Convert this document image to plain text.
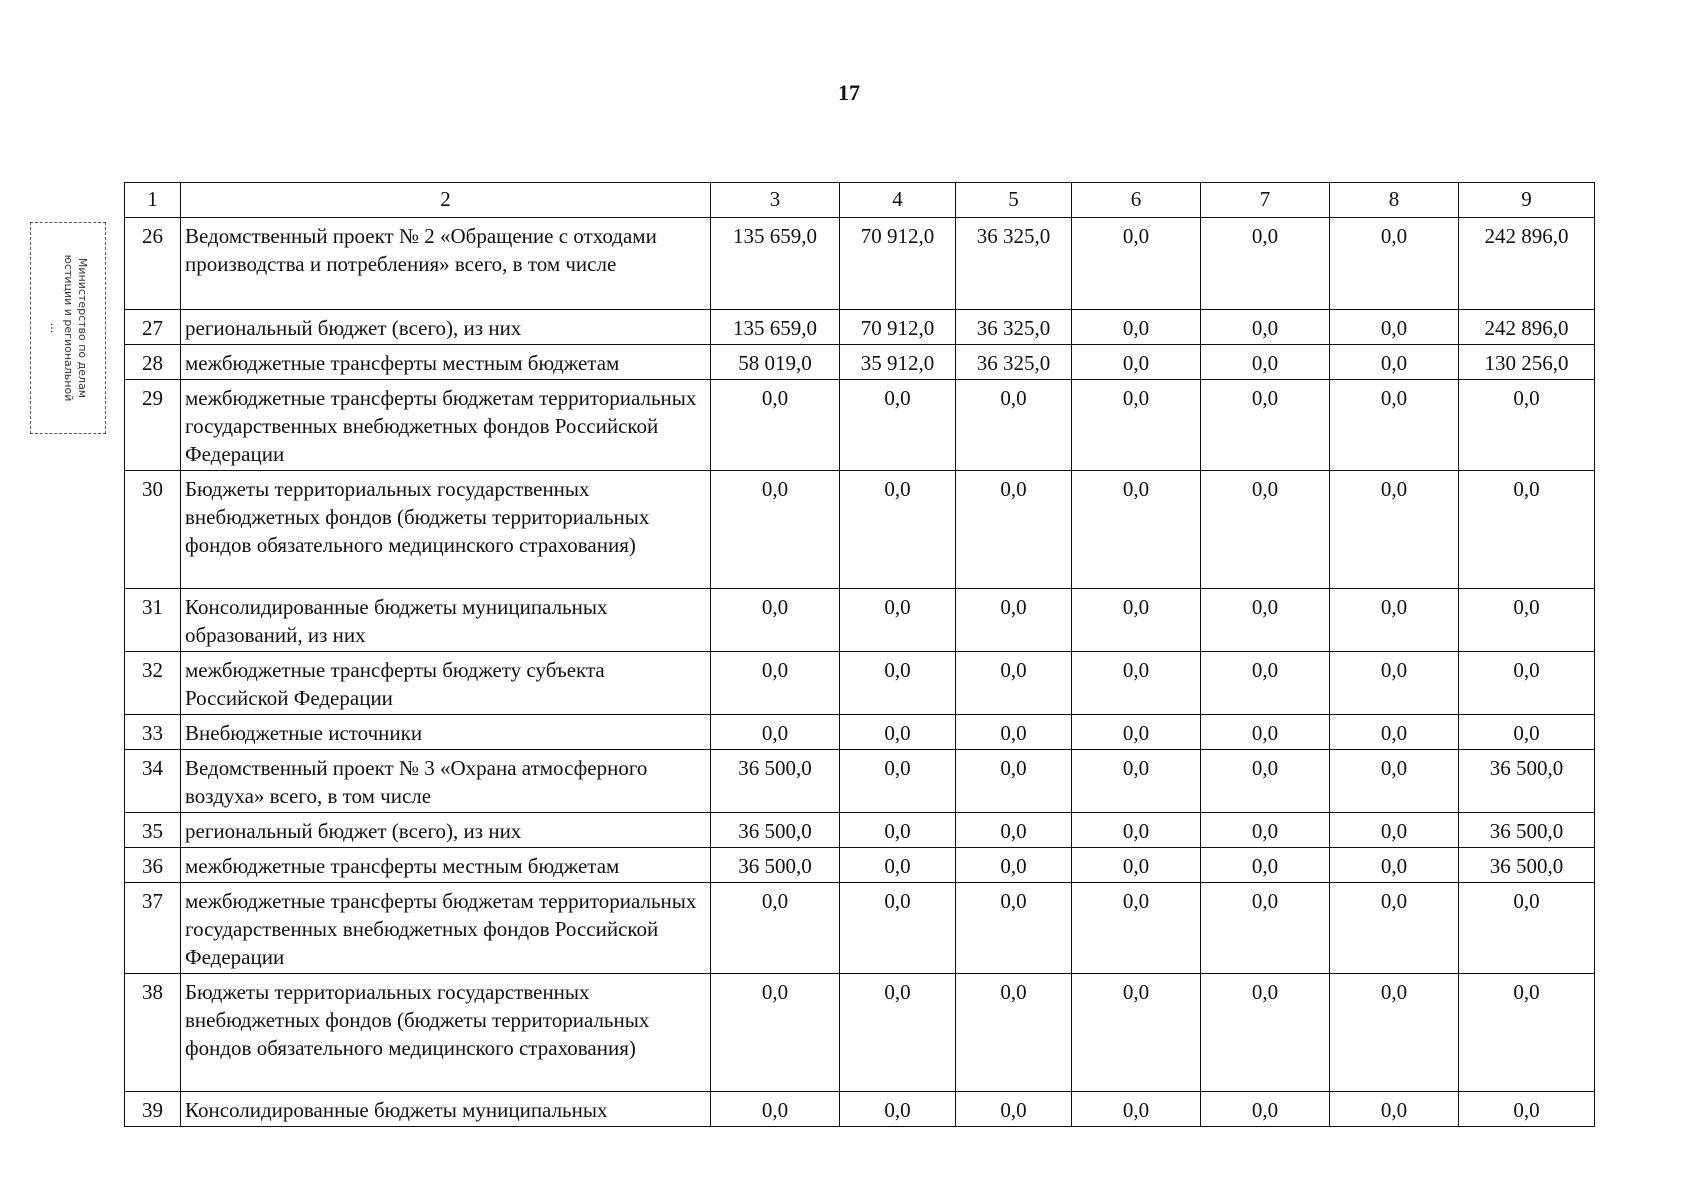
17
Министерство по делам
юстиции и региональной
...
1	2	3	4	5	6	7	8	9
26	Ведомственный проект № 2 «Обращение с отходами производства и потребления» всего, в том числе	135 659,0	70 912,0	36 325,0	0,0	0,0	0,0	242 896,0
27	региональный бюджет (всего), из них	135 659,0	70 912,0	36 325,0	0,0	0,0	0,0	242 896,0
28	межбюджетные трансферты местным бюджетам	58 019,0	35 912,0	36 325,0	0,0	0,0	0,0	130 256,0
29	межбюджетные трансферты бюджетам территориальных государственных внебюджетных фондов Российской Федерации	0,0	0,0	0,0	0,0	0,0	0,0	0,0
30	Бюджеты территориальных государственных внебюджетных фондов (бюджеты территориальных фондов обязательного медицинского страхования)	0,0	0,0	0,0	0,0	0,0	0,0	0,0
31	Консолидированные бюджеты муниципальных образований, из них	0,0	0,0	0,0	0,0	0,0	0,0	0,0
32	межбюджетные трансферты бюджету субъекта Российской Федерации	0,0	0,0	0,0	0,0	0,0	0,0	0,0
33	Внебюджетные источники	0,0	0,0	0,0	0,0	0,0	0,0	0,0
34	Ведомственный проект № 3 «Охрана атмосферного воздуха» всего, в том числе	36 500,0	0,0	0,0	0,0	0,0	0,0	36 500,0
35	региональный бюджет (всего), из них	36 500,0	0,0	0,0	0,0	0,0	0,0	36 500,0
36	межбюджетные трансферты местным бюджетам	36 500,0	0,0	0,0	0,0	0,0	0,0	36 500,0
37	межбюджетные трансферты бюджетам территориальных государственных внебюджетных фондов Российской Федерации	0,0	0,0	0,0	0,0	0,0	0,0	0,0
38	Бюджеты территориальных государственных внебюджетных фондов (бюджеты территориальных фондов обязательного медицинского страхования)	0,0	0,0	0,0	0,0	0,0	0,0	0,0
39	Консолидированные бюджеты муниципальных	0,0	0,0	0,0	0,0	0,0	0,0	0,0
